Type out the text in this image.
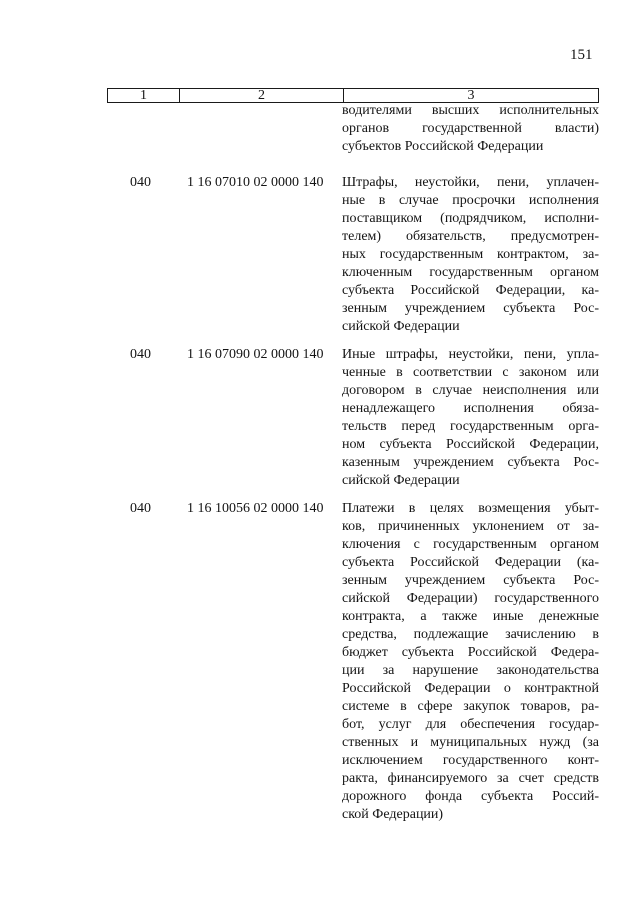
151
1	2	3

водителями высших исполнительных

органов государственной власти)

субъектов Российской Федерации

040	1 16 07010 02 0000 140 Штрафы, неустойки, пени, уплачен-

ные в случае просрочки исполнения

поставщиком (подрядчиком, исполни-

телем) обязательств, предусмотрен-

ных государственным контрактом, за-

ключенным государственным органом

субъекта Российской Федерации, ка-

зенным учреждением субъекта Рос-

сийской Федерации

040	1 16 07090 02 0000 140 Иные штрафы, неустойки, пени, упла-

ченные в соответствии с законом или

договором в случае неисполнения или

ненадлежащего исполнения обяза-

тельств перед государственным орга-

ном субъекта Российской Федерации,

казенным учреждением субъекта Рос-

сийской Федерации

040	1 16 10056 02 0000 140 Платежи в целях возмещения убыт-

ков, причиненных уклонением от за-

ключения с государственным органом

субъекта Российской Федерации (ка-

зенным учреждением субъекта Рос-

сийской Федерации) государственного

контракта, а также иные денежные

средства, подлежащие зачислению в

бюджет субъекта Российской Федера-

ции за нарушение законодательства

Российской Федерации о контрактной

системе в сфере закупок товаров, ра-

бот, услуг для обеспечения государ-

ственных и муниципальных нужд (за

исключением государственного конт-

ракта, финансируемого за счет средств

дорожного фонда субъекта Россий-

ской Федерации)
